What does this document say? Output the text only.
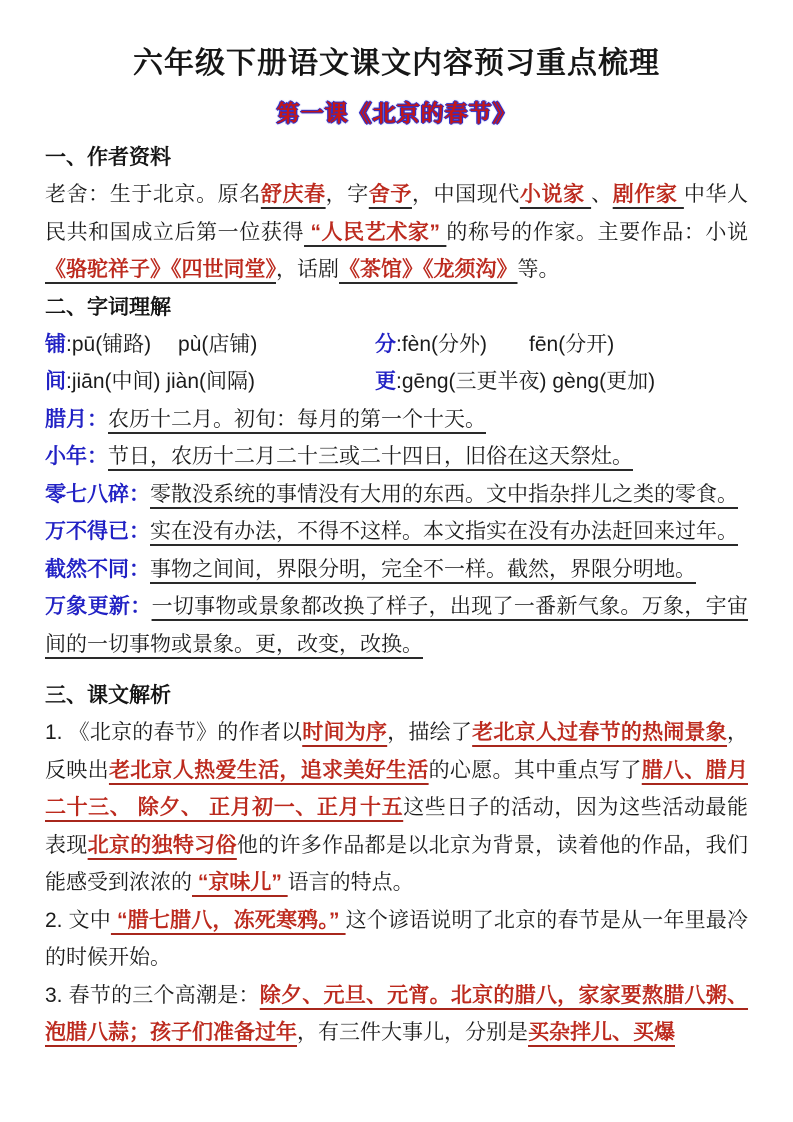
六年级下册语文课文内容预习重点梳理
第一课《北京的春节》
一、作者资料

老舍：生于北京。原名舒庆春，字舍予，中国现代小说家 、剧作家 中华人民共和国成立后第一位获得 “人民艺术家” 的称号的作家。主要作品：小说《骆驼祥子》《四世同堂》，话剧《茶馆》《龙须沟》等。

二、字词理解
铺:pū(铺路)　 pù(店铺)	分:fèn(分外)　　fēn(分开)
间:jiān(中间) jiàn(间隔)	更:gēng(三更半夜) gèng(更加)
腊月：农历十二月。初旬：每月的第一个十天。
小年：节日，农历十二月二十三或二十四日，旧俗在这天祭灶。
零七八碎：零散没系统的事情没有大用的东西。文中指杂拌儿之类的零食。
万不得已：实在没有办法，不得不这样。本文指实在没有办法赶回来过年。
截然不同：事物之间间，界限分明，完全不一样。截然，界限分明地。
万象更新：一切事物或景象都改换了样子，出现了一番新气象。万象，宇宙间的一切事物或景象。更，改变，改换。
三、课文解析

1. 《北京的春节》的作者以时间为序，描绘了老北京人过春节的热闹景象，反映出老北京人热爱生活，追求美好生活的心愿。其中重点写了腊八、腊月二十三、 除夕、 正月初一、正月十五这些日子的活动，因为这些活动最能表现北京的独特习俗他的许多作品都是以北京为背景，读着他的作品，我们能感受到浓浓的 “京味儿” 语言的特点。

2. 文中 “腊七腊八，冻死寒鸦。” 这个谚语说明了北京的春节是从一年里最冷的时候开始。

3. 春节的三个高潮是：除夕、元旦、元宵。北京的腊八，家家要熬腊八粥、泡腊八蒜；孩子们准备过年，有三件大事儿，分别是买杂拌儿、买爆
